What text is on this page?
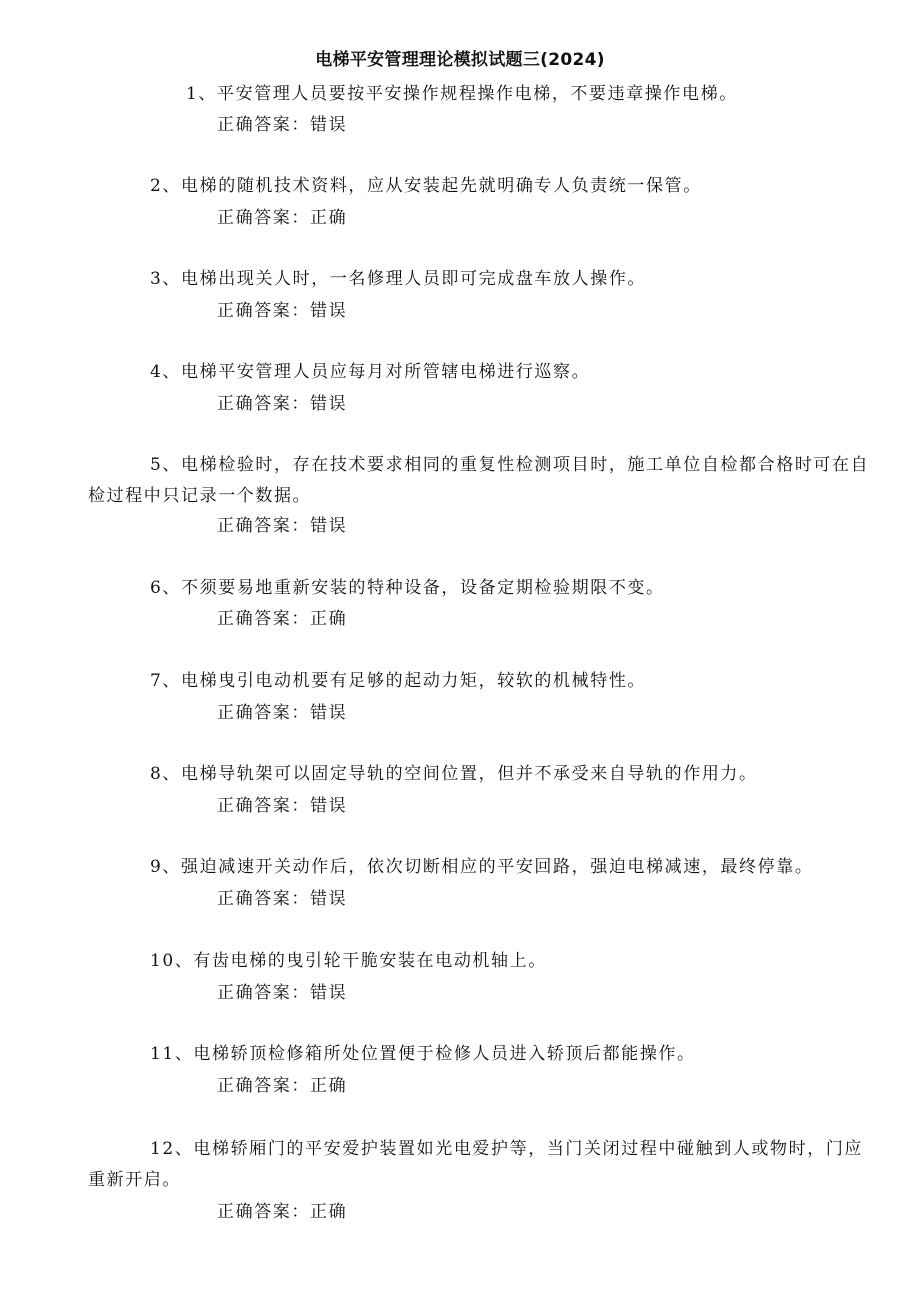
电梯平安管理理论模拟试题三(2024)
1、平安管理人员要按平安操作规程操作电梯，不要违章操作电梯。
正确答案：错误
2、电梯的随机技术资料，应从安装起先就明确专人负责统一保管。
正确答案：正确
3、电梯出现关人时，一名修理人员即可完成盘车放人操作。
正确答案：错误
4、电梯平安管理人员应每月对所管辖电梯进行巡察。
正确答案：错误
5、电梯检验时，存在技术要求相同的重复性检测项目时，施工单位自检都合格时可在自检过程中只记录一个数据。
正确答案：错误
6、不须要易地重新安装的特种设备，设备定期检验期限不变。
正确答案：正确
7、电梯曳引电动机要有足够的起动力矩，较软的机械特性。
正确答案：错误
8、电梯导轨架可以固定导轨的空间位置，但并不承受来自导轨的作用力。
正确答案：错误
9、强迫减速开关动作后，依次切断相应的平安回路，强迫电梯减速，最终停靠。
正确答案：错误
10、有齿电梯的曳引轮干脆安装在电动机轴上。
正确答案：错误
11、电梯轿顶检修箱所处位置便于检修人员进入轿顶后都能操作。
正确答案：正确
12、电梯轿厢门的平安爱护装置如光电爱护等，当门关闭过程中碰触到人或物时，门应重新开启。
正确答案：正确
